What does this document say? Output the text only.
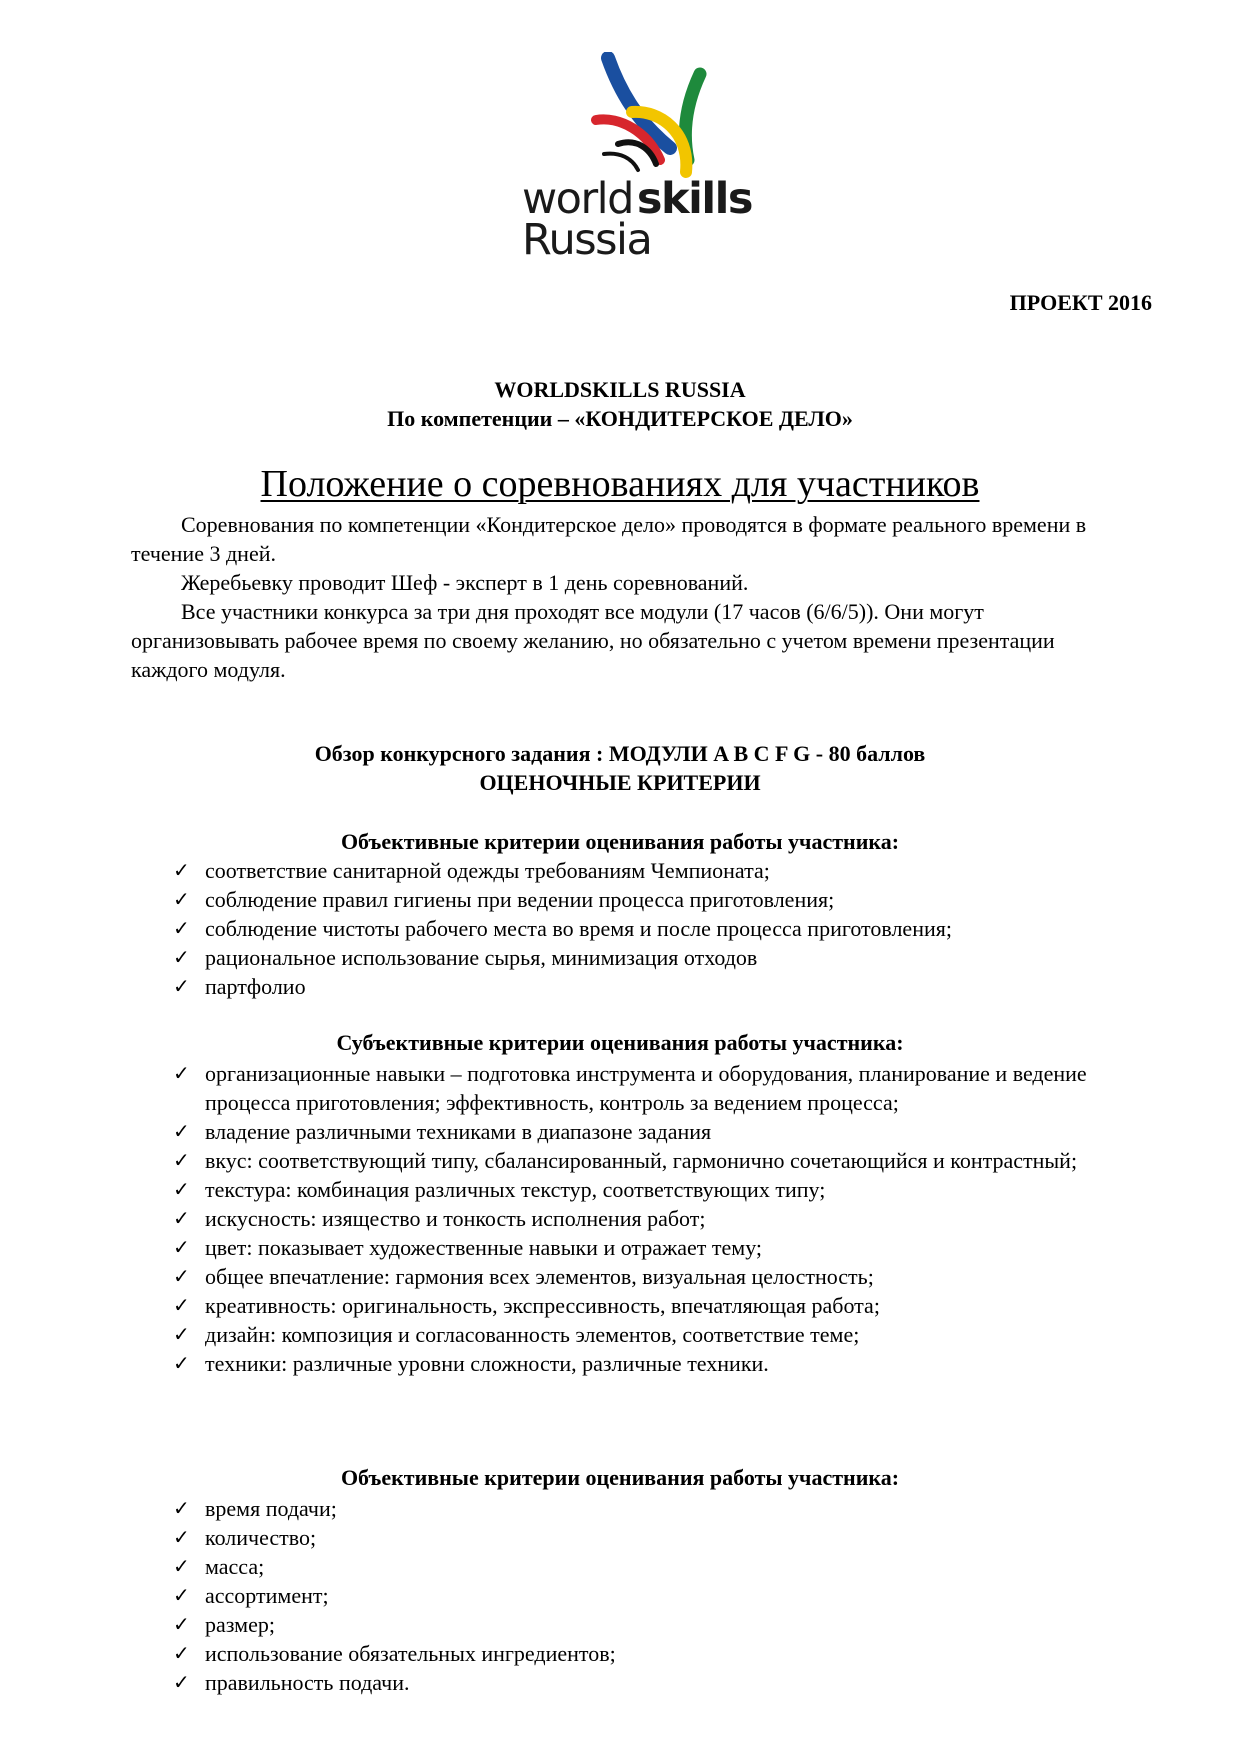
worldskills
Russia
ПРОЕКТ 2016
WORLDSKILLS RUSSIA
По компетенции – «КОНДИТЕРСКОЕ ДЕЛО»
Положение о соревнованиях для участников
Соревнования по компетенции «Кондитерское дело» проводятся в формате реального времени в течение 3 дней.
Жеребьевку проводит Шеф - эксперт в 1 день соревнований.
Все участники конкурса за три дня проходят все модули (17 часов (6/6/5)). Они могут организовывать рабочее время по своему желанию, но обязательно с учетом времени презентации каждого модуля.
Обзор конкурсного задания : МОДУЛИ A B C F G - 80 баллов
ОЦЕНОЧНЫЕ КРИТЕРИИ
Объективные критерии оценивания работы участника:
✓ соответствие санитарной одежды требованиям Чемпионата;
✓ соблюдение правил гигиены при ведении процесса приготовления;
✓ соблюдение чистоты рабочего места во время и после процесса приготовления;
✓ рациональное использование сырья, минимизация отходов
✓ партфолио
Субъективные критерии оценивания работы участника:
✓ организационные навыки – подготовка инструмента и оборудования, планирование и ведение процесса приготовления; эффективность, контроль за ведением процесса;
✓ владение различными техниками в диапазоне задания
✓ вкус: соответствующий типу, сбалансированный, гармонично сочетающийся и контрастный;
✓ текстура: комбинация различных текстур, соответствующих типу;
✓ искусность: изящество и тонкость исполнения работ;
✓ цвет: показывает художественные навыки и отражает тему;
✓ общее впечатление: гармония всех элементов, визуальная целостность;
✓ креативность: оригинальность, экспрессивность, впечатляющая работа;
✓ дизайн: композиция и согласованность элементов, соответствие теме;
✓ техники: различные уровни сложности, различные техники.
Объективные критерии оценивания работы участника:
✓ время подачи;
✓ количество;
✓ масса;
✓ ассортимент;
✓ размер;
✓ использование обязательных ингредиентов;
✓ правильность подачи.
